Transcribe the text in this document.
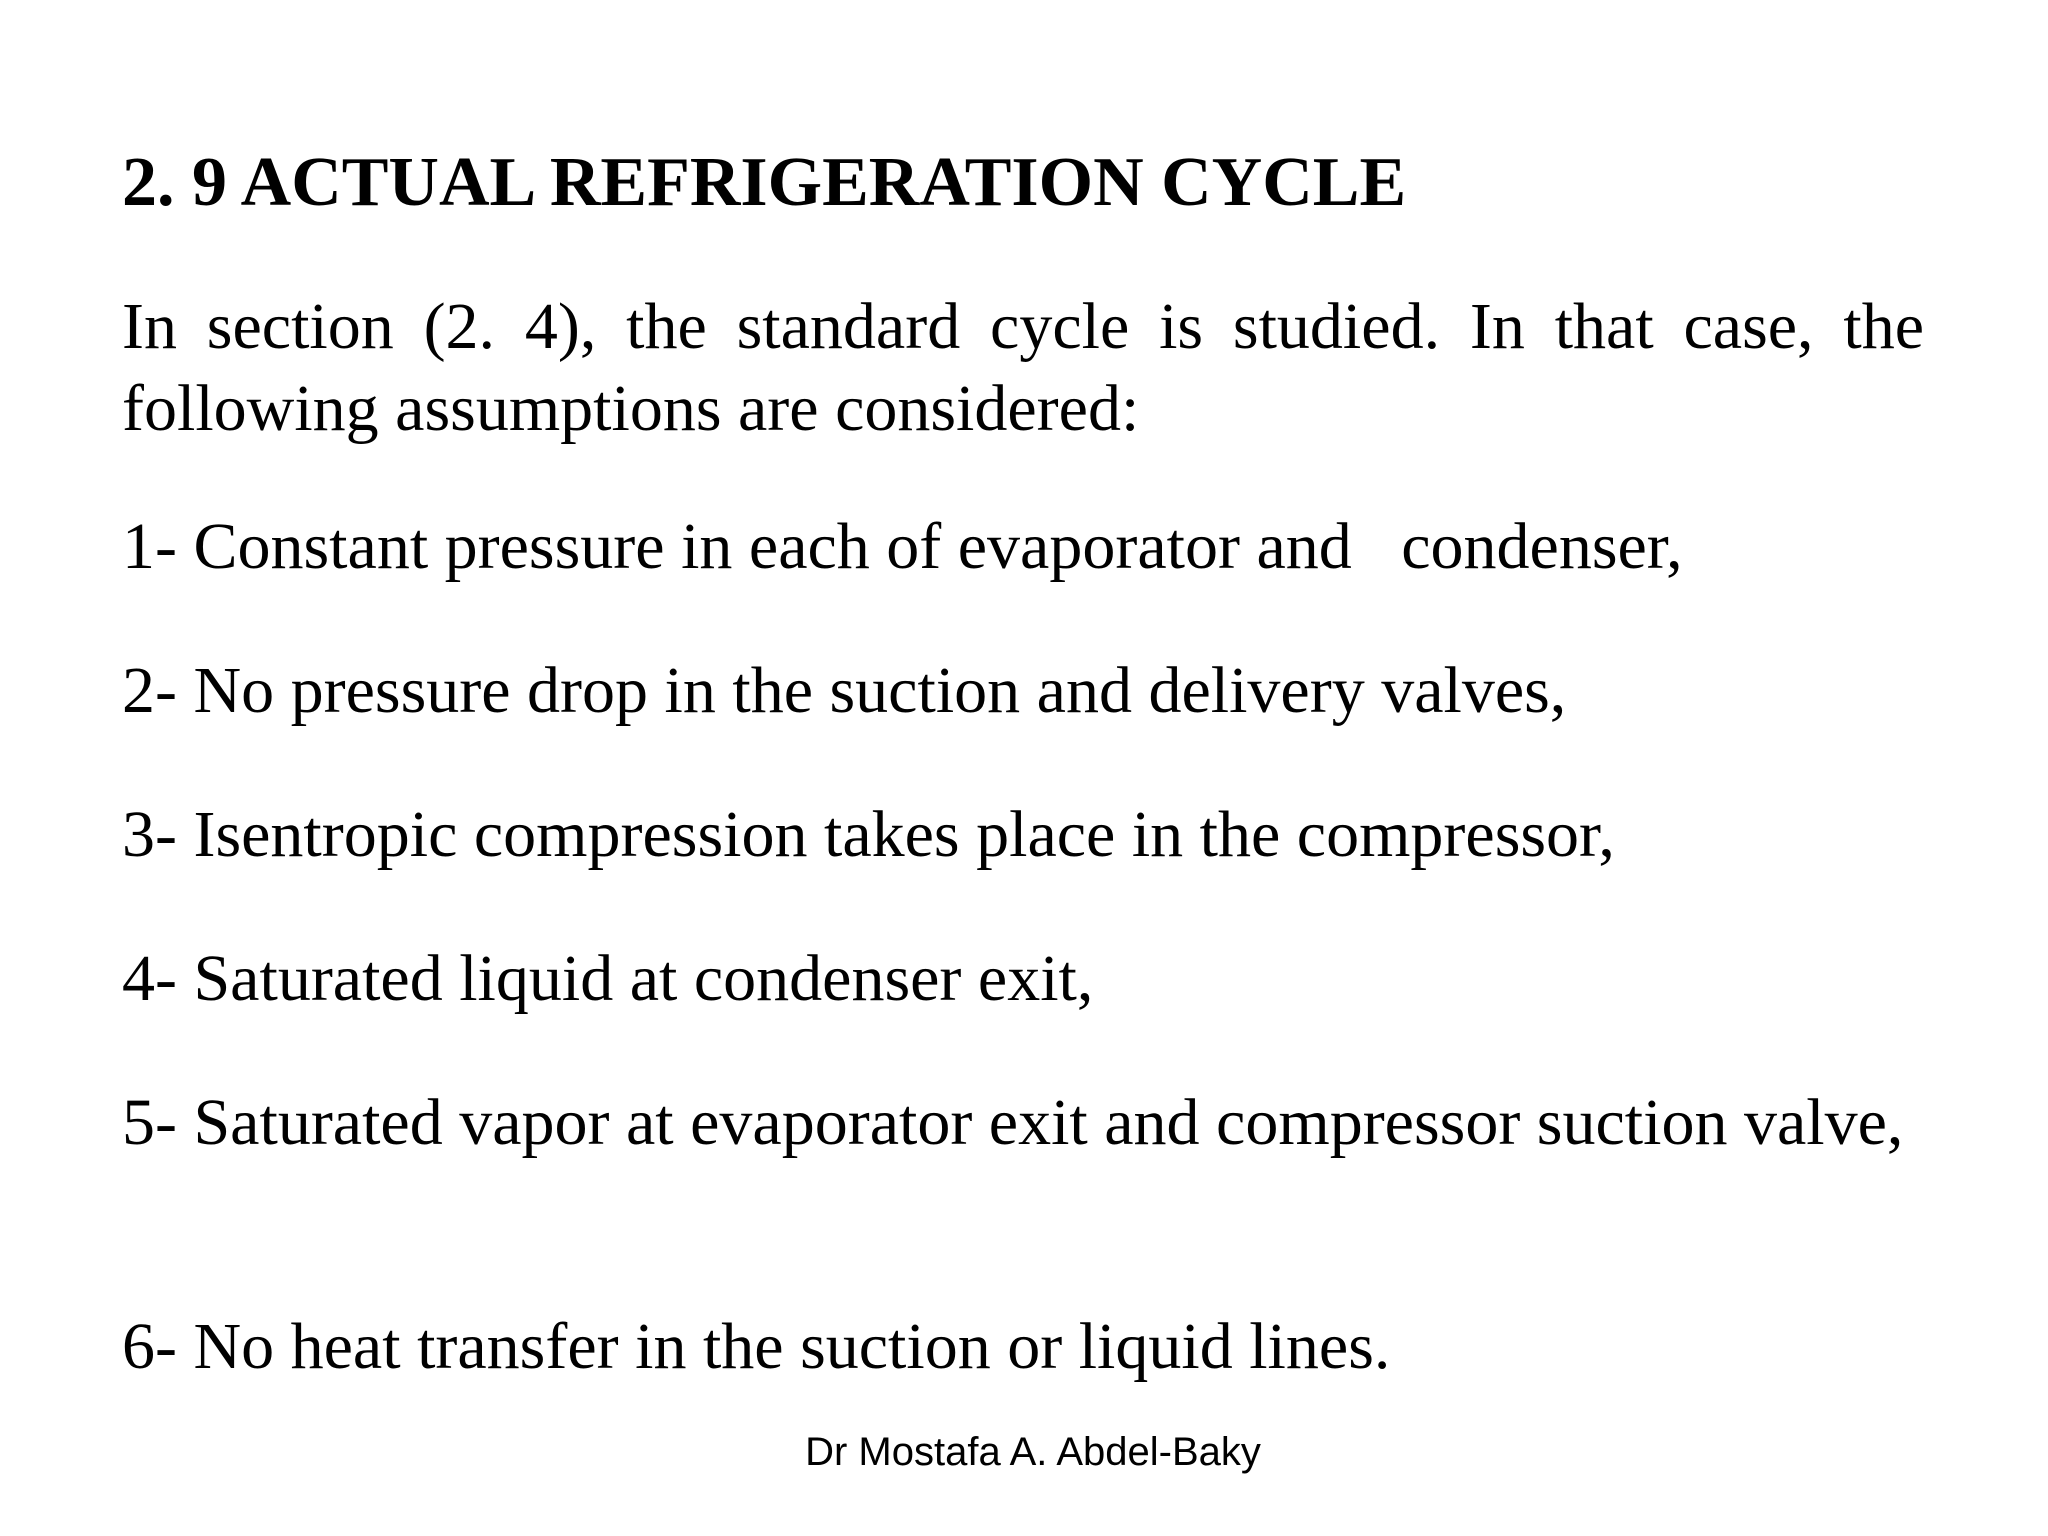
2. 9 ACTUAL REFRIGERATION CYCLE

In section (2. 4), the standard cycle is studied. In that case, the following assumptions are considered:

1- Constant pressure in each of evaporator and   condenser,

2- No pressure drop in the suction and delivery valves,

3- Isentropic compression takes place in the compressor,

4- Saturated liquid at condenser exit,

5- Saturated vapor at evaporator exit and compressor suction valve,

6- No heat transfer in the suction or liquid lines.

Dr Mostafa A. Abdel-Baky
